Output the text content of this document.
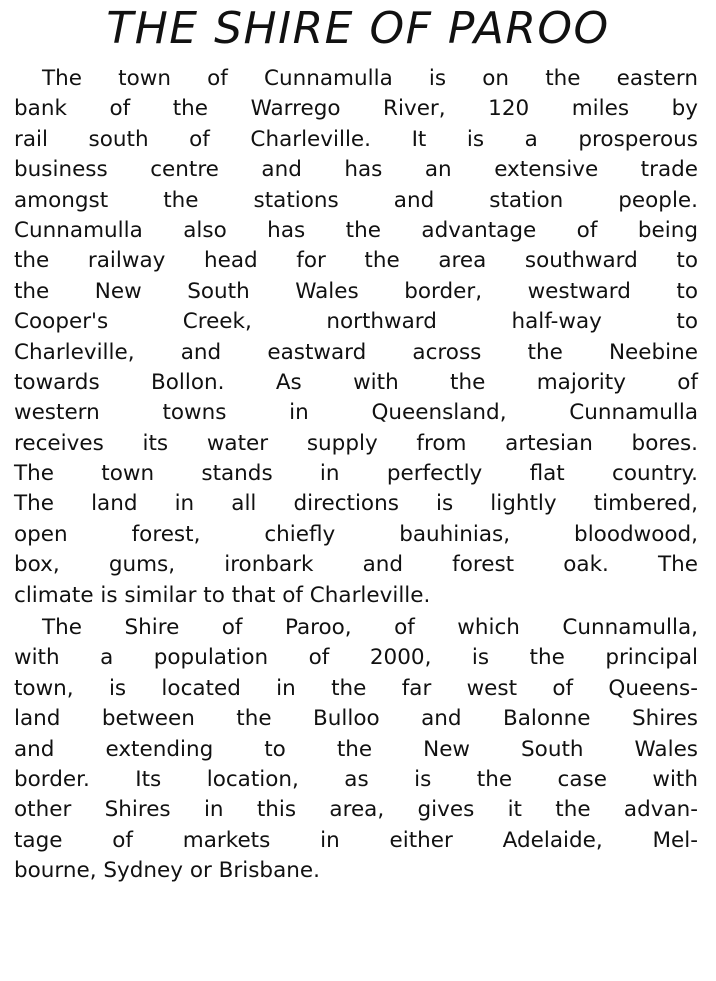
THE SHIRE OF PAROO
The town of Cunnamulla is on the eastern
bank of the Warrego River, 120 miles by
rail south of Charleville. It is a prosperous
business centre and has an extensive trade
amongst the stations and station people.
Cunnamulla also has the advantage of being
the railway head for the area southward to
the New South Wales border, westward to
Cooper's Creek, northward half-way to
Charleville, and eastward across the Neebine
towards Bollon. As with the majority of
western towns in Queensland, Cunnamulla
receives its water supply from artesian bores.
The town stands in perfectly flat country.
The land in all directions is lightly timbered,
open forest, chiefly bauhinias, bloodwood,
box, gums, ironbark and forest oak. The
climate is similar to that of Charleville.
The Shire of Paroo, of which Cunnamulla,
with a population of 2000, is the principal
town, is located in the far west of Queens-
land between the Bulloo and Balonne Shires
and extending to the New South Wales
border. Its location, as is the case with
other Shires in this area, gives it the advan-
tage of markets in either Adelaide, Mel-
bourne, Sydney or Brisbane.
